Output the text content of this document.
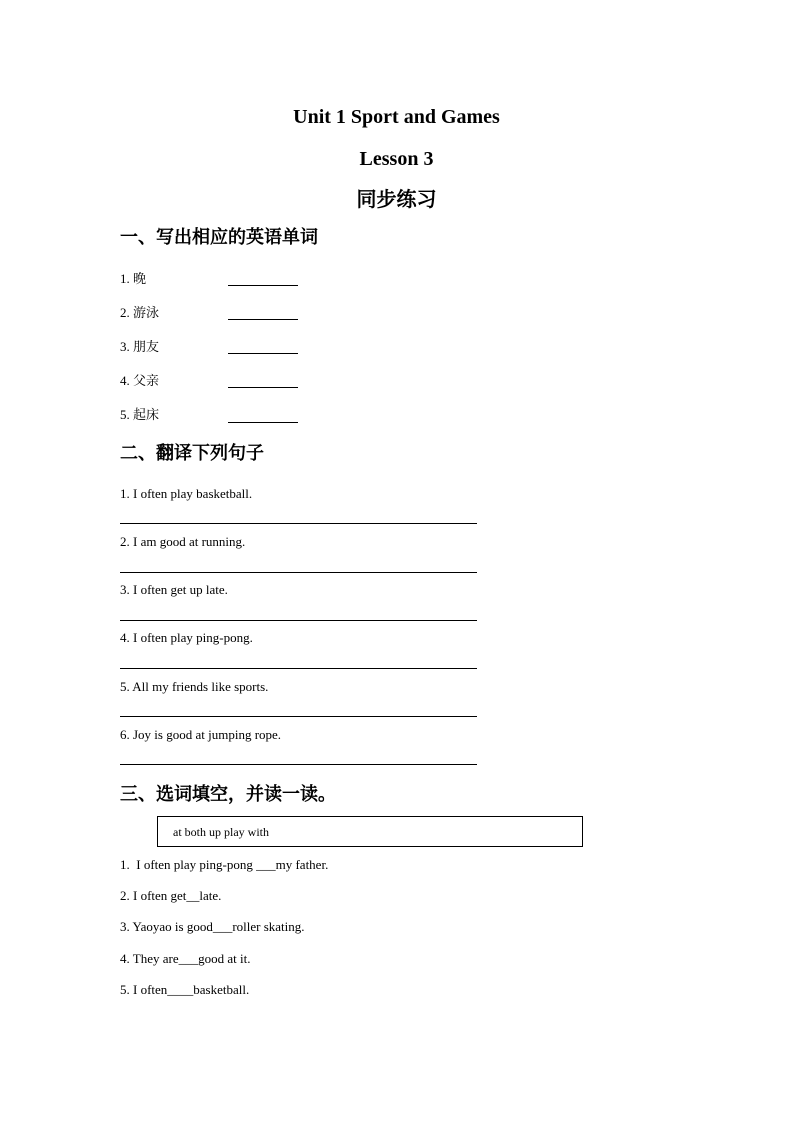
Unit 1 Sport and Games
Lesson 3
同步练习
一、写出相应的英语单词
1. 晚
2. 游泳
3. 朋友
4. 父亲
5. 起床
二、翻译下列句子
1. I often play basketball.
2. I am good at running.
3. I often get up late.
4. I often play ping-pong.
5. All my friends like sports.
6. Joy is good at jumping rope.
三、选词填空，并读一读。
at both up play with
1.  I often play ping-pong ___my father.
2. I often get__late.
3. Yaoyao is good___roller skating.
4. They are___good at it.
5. I often____basketball.
